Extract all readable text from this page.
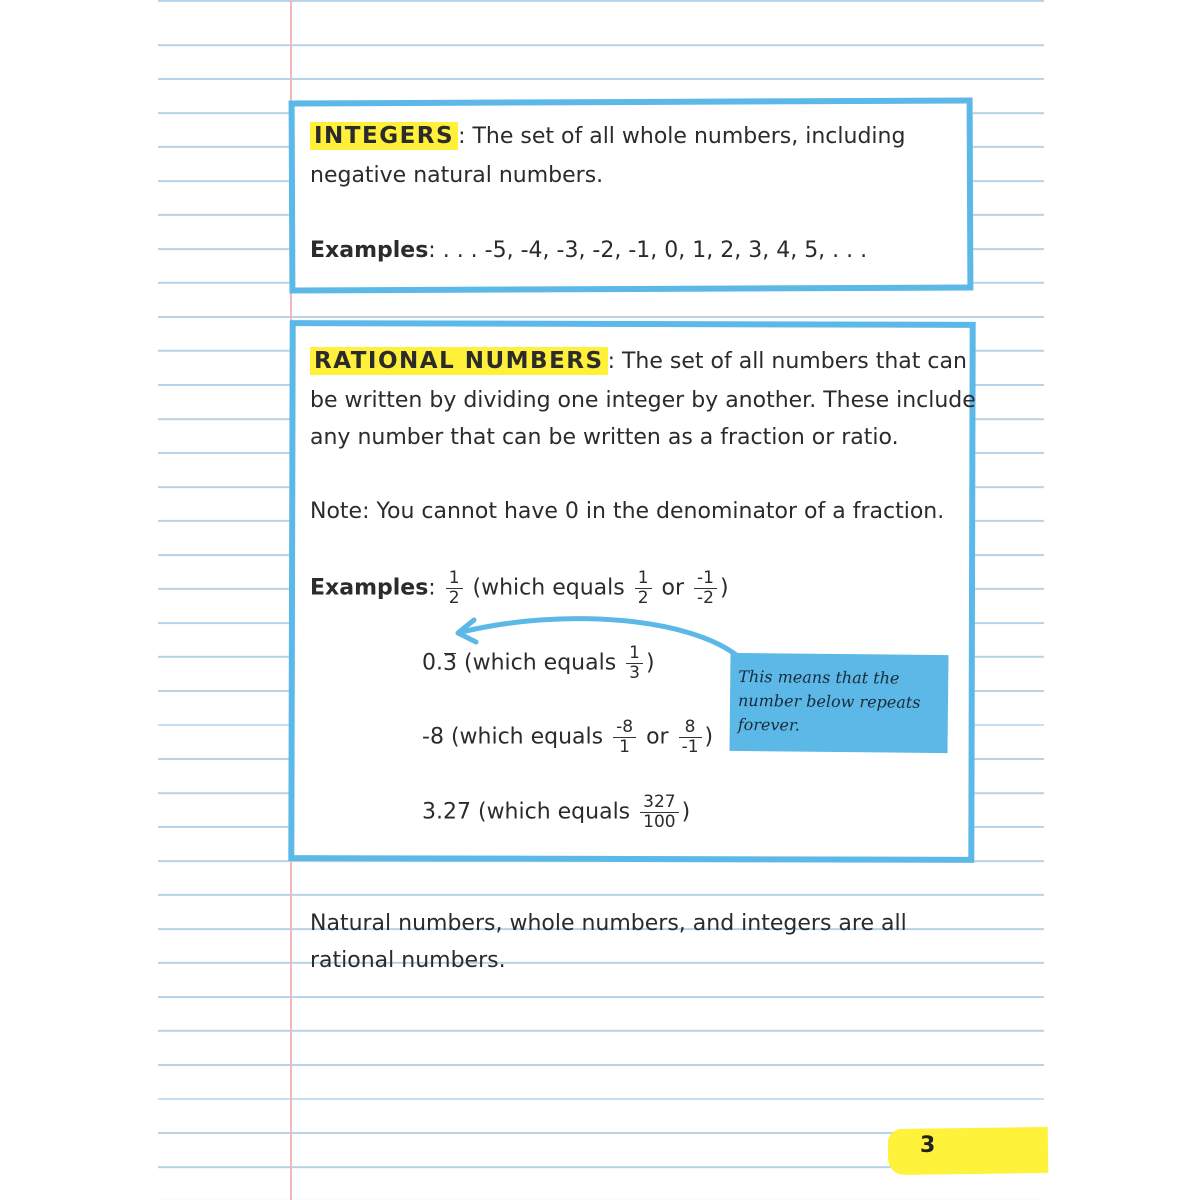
INTEGERS : The set of all whole numbers, including
negative natural numbers.
Examples: . . . -5, -4, -3, -2, -1, 0, 1, 2, 3, 4, 5, . . .
RATIONAL NUMBERS : The set of all numbers that can
be written by dividing one integer by another. These include
any number that can be written as a fraction or ratio.
Note: You cannot have 0 in the denominator of a fraction.
Examples: $\frac{1}{2}$ (which equals $\frac{1}{2}$ or $\frac{-1}{-2}$ )
0.3 (which equals $\frac{1}{3}$ )
-8 (which equals $\frac{-8}{1}$ or $\frac{8}{-1}$ )
3.27 (which equals $\frac{327}{100}$ )
This means that the
number below repeats
forever.
Natural numbers, whole numbers, and integers are all
rational numbers.
3
